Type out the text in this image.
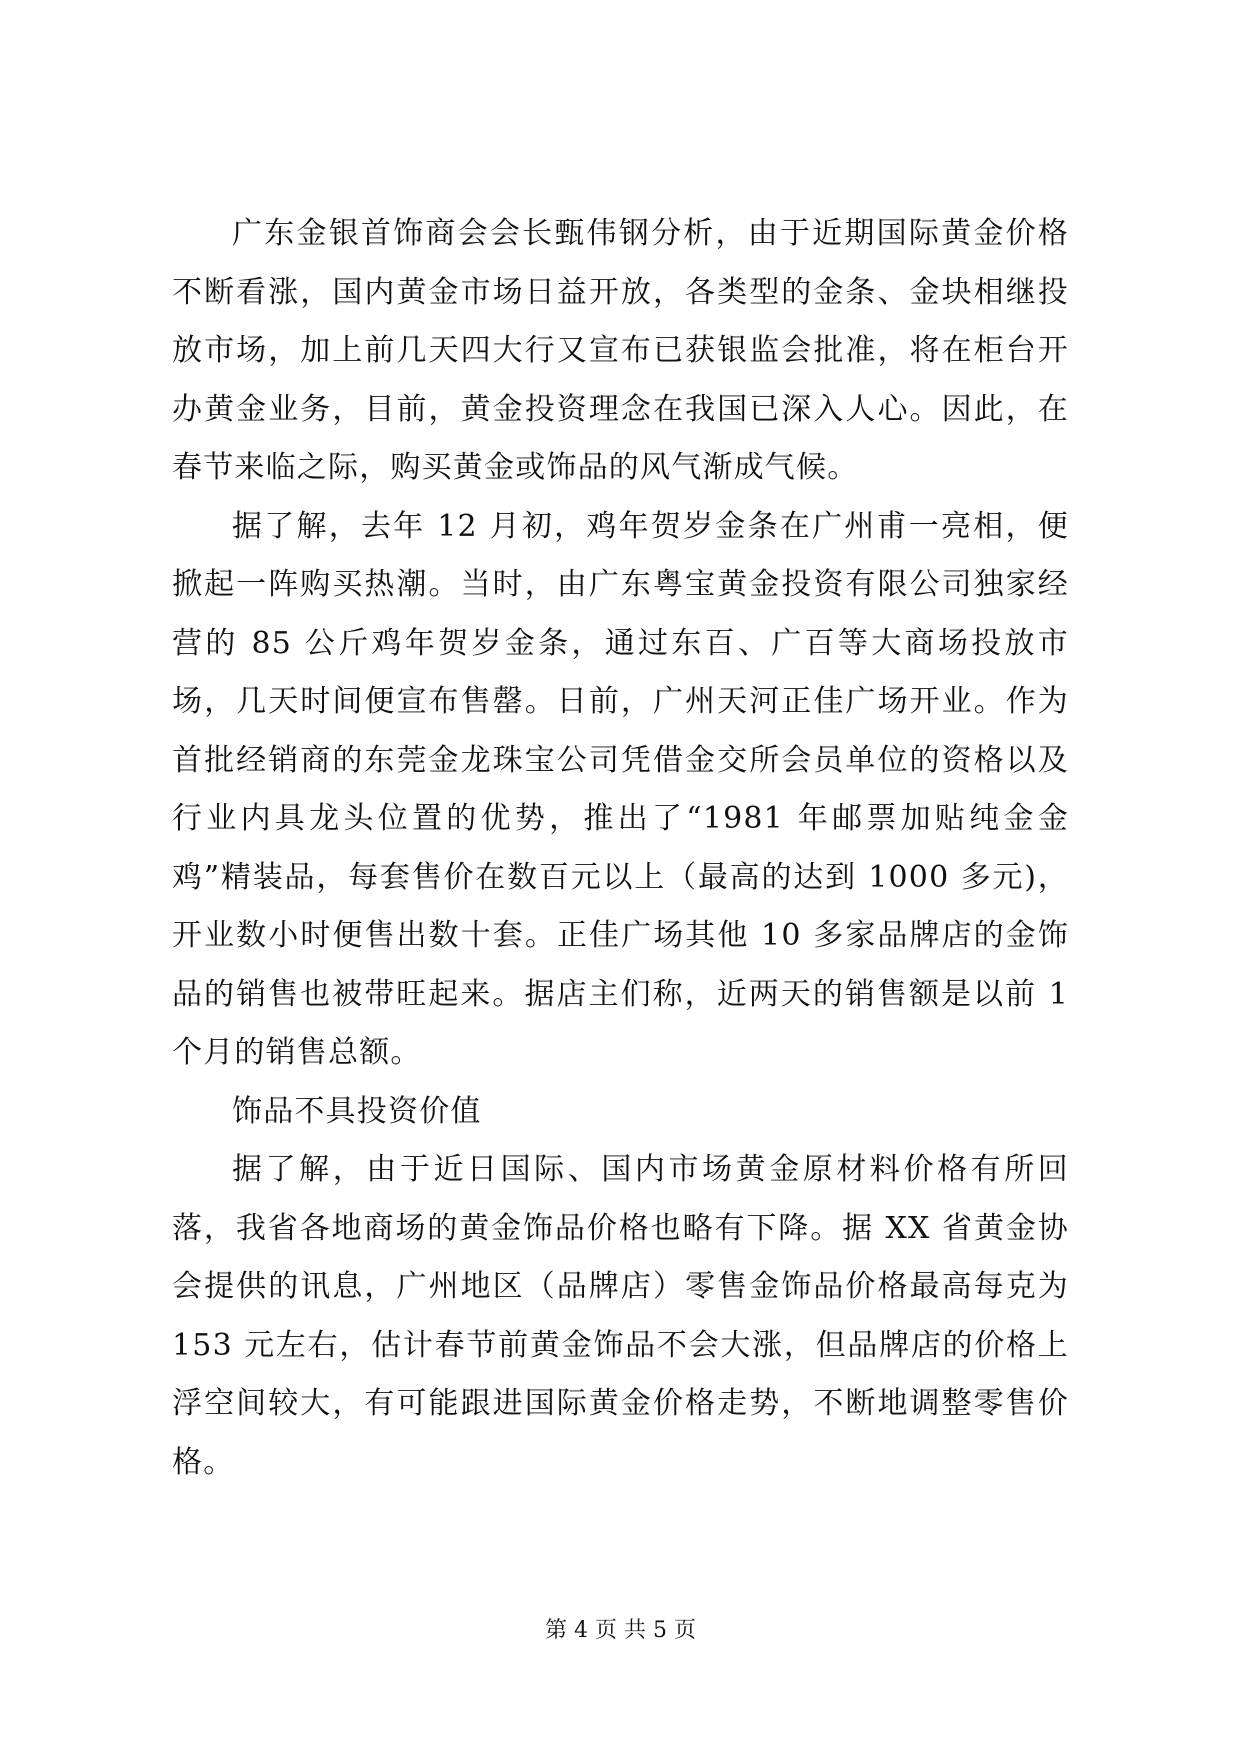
广东金银首饰商会会长甄伟钢分析，由于近期国际黄金价格不断看涨，国内黄金市场日益开放，各类型的金条、金块相继投放市场，加上前几天四大行又宣布已获银监会批准，将在柜台开办黄金业务，目前，黄金投资理念在我国已深入人心。因此，在春节来临之际，购买黄金或饰品的风气渐成气候。

据了解，去年 12 月初，鸡年贺岁金条在广州甫一亮相，便掀起一阵购买热潮。当时，由广东粤宝黄金投资有限公司独家经营的 85 公斤鸡年贺岁金条，通过东百、广百等大商场投放市场，几天时间便宣布售罄。日前，广州天河正佳广场开业。作为首批经销商的东莞金龙珠宝公司凭借金交所会员单位的资格以及行业内具龙头位置的优势，推出了“1981 年邮票加贴纯金金鸡”精装品，每套售价在数百元以上（最高的达到 1000 多元)，开业数小时便售出数十套。正佳广场其他 10 多家品牌店的金饰品的销售也被带旺起来。据店主们称，近两天的销售额是以前 1 个月的销售总额。

饰品不具投资价值

据了解，由于近日国际、国内市场黄金原材料价格有所回落，我省各地商场的黄金饰品价格也略有下降。据 XX 省黄金协会提供的讯息，广州地区（品牌店）零售金饰品价格最高每克为 153 元左右，估计春节前黄金饰品不会大涨，但品牌店的价格上浮空间较大，有可能跟进国际黄金价格走势，不断地调整零售价格。

第 4 页 共 5 页
